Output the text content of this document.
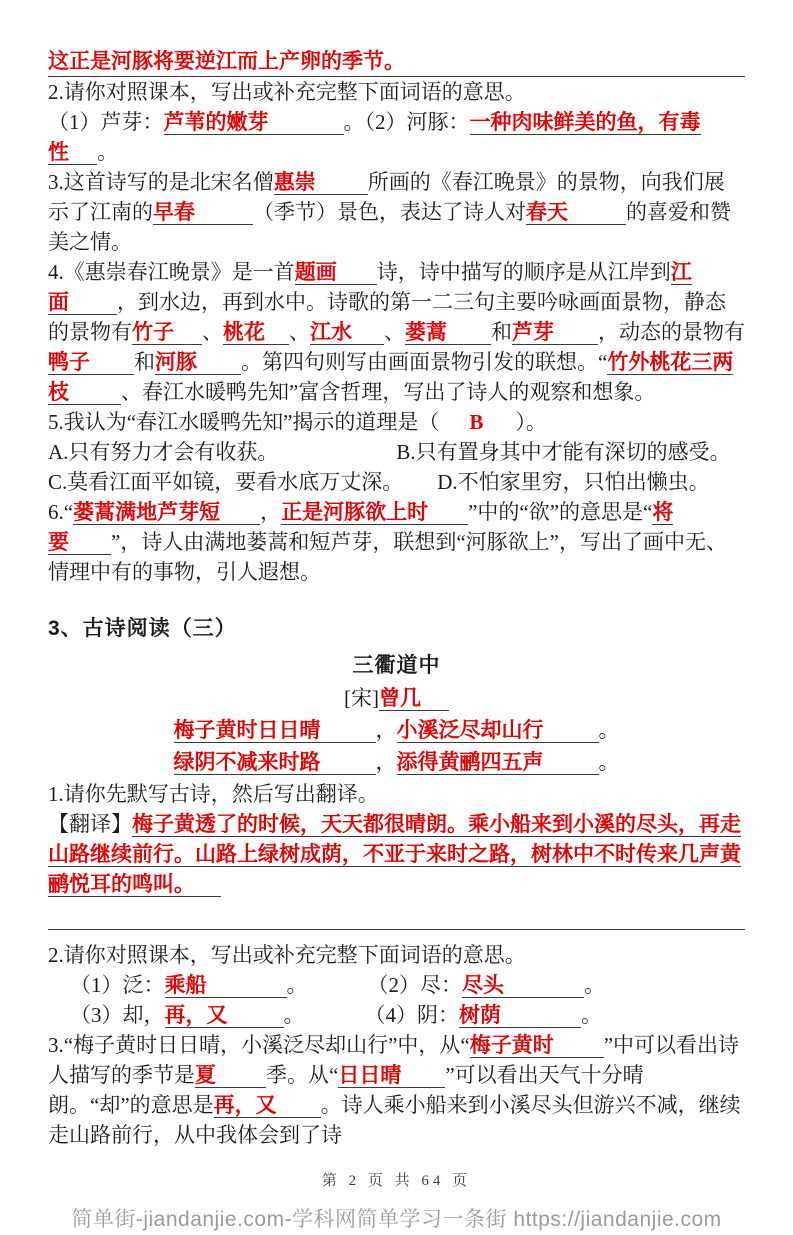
这正是河豚将要逆江而上产卵的季节。
2.请你对照课本，写出或补充完整下面词语的意思。
（1）芦芽：芦苇的嫩芽	。（2）河豚：一种肉味鲜美的鱼，有毒性 。
3.这首诗写的是北宋名僧惠崇 所画的《春江晚景》的景物，向我们展示了江南的早春	（季节）景色，表达了诗人对春天	的喜爱和赞美之情。
4.《惠崇春江晚景》是一首题画 诗，诗中描写的顺序是从江岸到江面 ，到水边，再到水中。诗歌的第一二三句主要吟咏画面景物，静态的景物有竹子 、桃花 、江水 、蒌蒿 和芦芽 ，动态的景物有鸭子 和河豚 。第四句则写由画面景物引发的联想。“竹外桃花三两枝 、春江水暖鸭先知”富含哲理，写出了诗人的观察和想象。
5.我认为“春江水暖鸭先知”揭示的道理是（ B ）。
A.只有努力才会有收获。	B.只有置身其中才能有深切的感受。
C.莫看江面平如镜，要看水底万丈深。 D.不怕家里穷，只怕出懒虫。
6.“蒌蒿满地芦芽短 ，正是河豚欲上时 ”中的“欲”的意思是“将要 ”，诗人由满地蒌蒿和短芦芽，联想到“河豚欲上”，写出了画中无、情理中有的事物，引人遐想。
3、古诗阅读（三）
三衢道中
[宋]曾几
梅子黄时日日晴	，小溪泛尽却山行	。
绿阴不减来时路	，添得黄鹂四五声	。
1.请你先默写古诗，然后写出翻译。
【翻译】梅子黄透了的时候，天天都很晴朗。乘小船来到小溪的尽头，再走山路继续前行。山路上绿树成荫，不亚于来时之路，树林中不时传来几声黄鹂悦耳的鸣叫。
2.请你对照课本，写出或补充完整下面词语的意思。
（1）泛：乘船	。	（2）尽：尽头	。
（3）却，再，又	。	（4）阴：树荫	。
3.“梅子黄时日日晴，小溪泛尽却山行”中，从“梅子黄时 ”中可以看出诗人描写的季节是夏 季。从“日日晴 ”可以看出天气十分晴朗。“却”的意思是再，又 。诗人乘小船来到小溪尽头但游兴不减，继续走山路前行，从中我体会到了诗
第 2 页 共 64 页
简单街-jiandanjie.com-学科网简单学习一条街 https://jiandanjie.com
